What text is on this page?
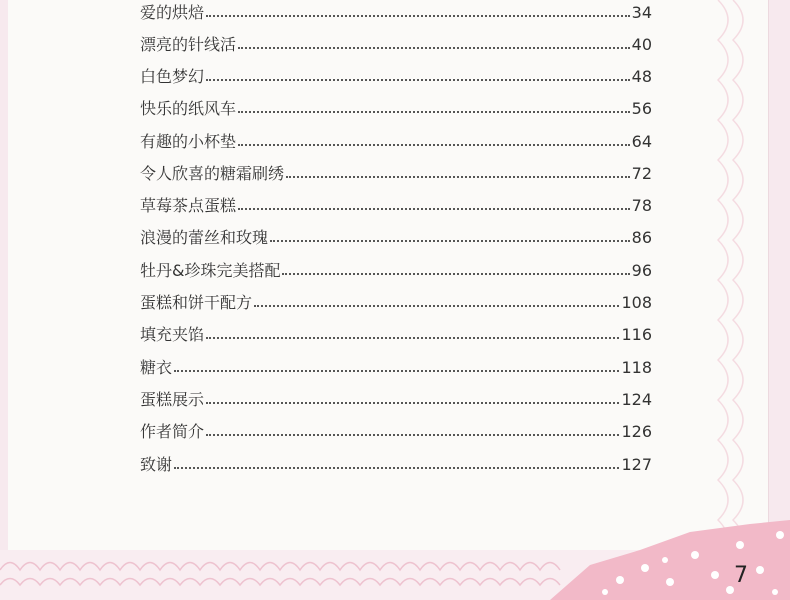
爱的烘焙	34
漂亮的针线活	40
白色梦幻	48
快乐的纸风车	56
有趣的小杯垫	64
令人欣喜的糖霜刷绣	72
草莓茶点蛋糕	78
浪漫的蕾丝和玫瑰	86
牡丹&珍珠完美搭配	96
蛋糕和饼干配方	108
填充夹馅	116
糖衣	118
蛋糕展示	124
作者简介	126
致谢	127
7
